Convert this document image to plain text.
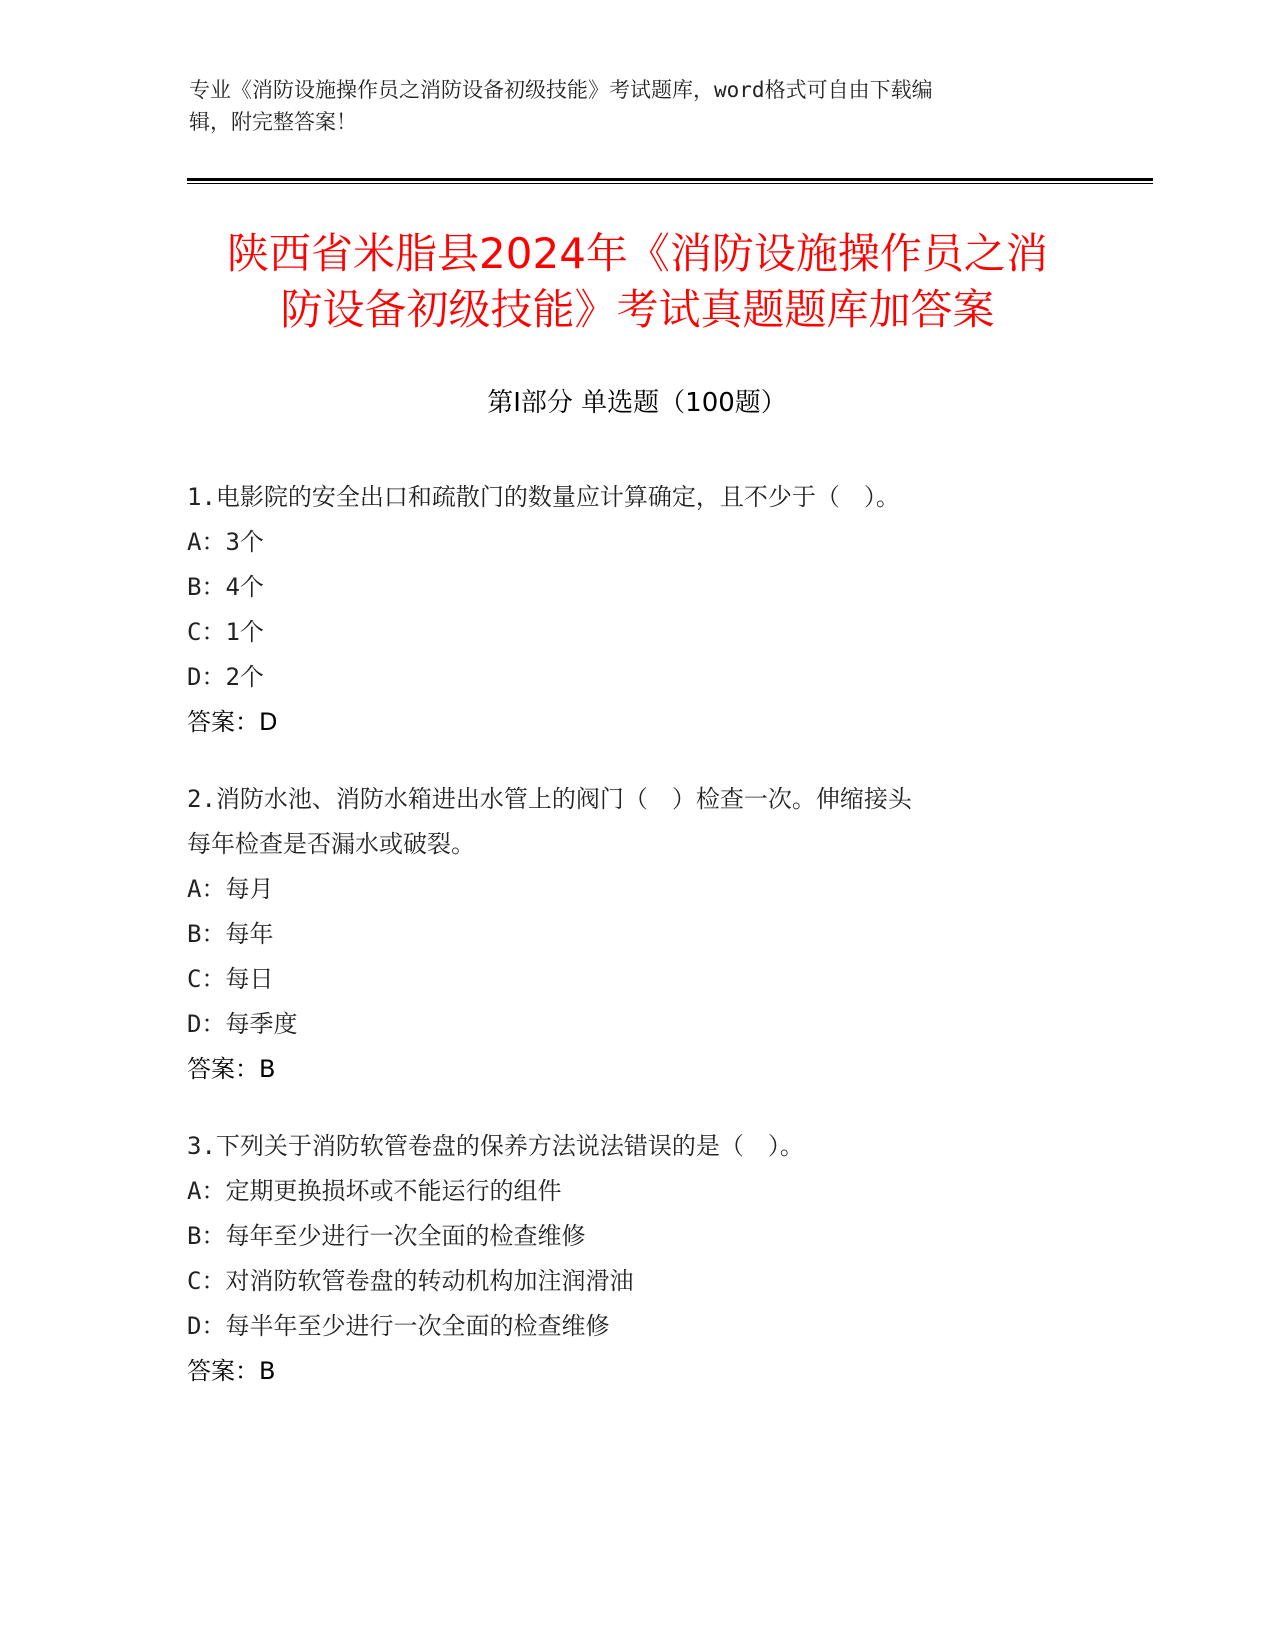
专业《消防设施操作员之消防设备初级技能》考试题库，word格式可自由下载编
辑，附完整答案！
陕西省米脂县2024年《消防设施操作员之消
防设备初级技能》考试真题题库加答案
第Ⅰ部分 单选题（100题）

1.电影院的安全出口和疏散门的数量应计算确定，且不少于（　）。

A：3个

B：4个

C：1个

D：2个

答案：D

2.消防水池、消防水箱进出水管上的阀门（　）检查一次。伸缩接头

每年检查是否漏水或破裂。

A：每月

B：每年

C：每日

D：每季度

答案：B

3.下列关于消防软管卷盘的保养方法说法错误的是（　）。

A：定期更换损坏或不能运行的组件

B：每年至少进行一次全面的检查维修

C：对消防软管卷盘的转动机构加注润滑油

D：每半年至少进行一次全面的检查维修

答案：B
